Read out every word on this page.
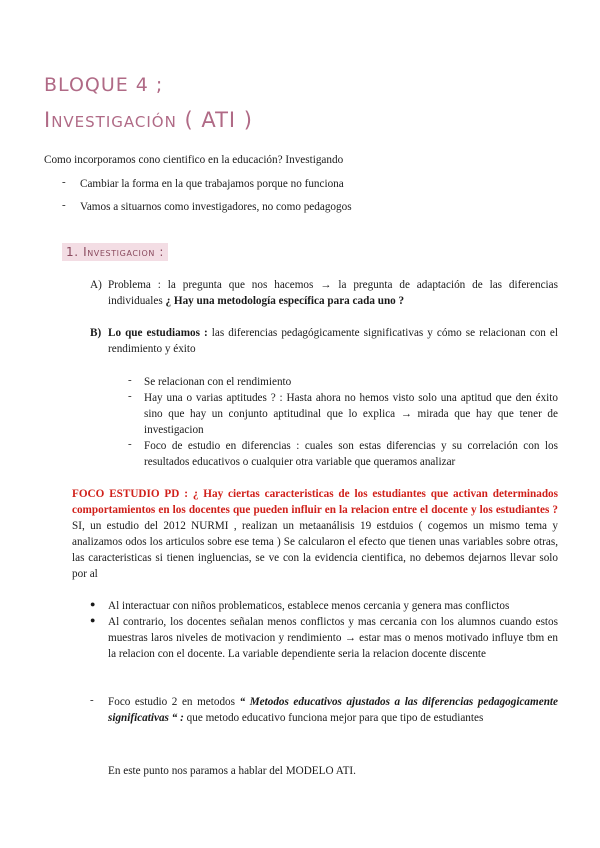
BLOQUE 4 ;
Investigación ( ATI )
Como incorporamos cono cientifico en la educación? Investigando
- Cambiar la forma en la que trabajamos porque no funciona
- Vamos a situarnos como investigadores, no como pedagogos
1. Investigacion :
A) Problema : la pregunta que nos hacemos → la pregunta de adaptación de las diferencias individuales ¿ Hay una metodología específica para cada uno ?
B) Lo que estudiamos : las diferencias pedagógicamente significativas y cómo se relacionan con el rendimiento y éxito
- Se relacionan con el rendimiento
- Hay una o varias aptitudes ? : Hasta ahora no hemos visto solo una aptitud que den éxito sino que hay un conjunto aptitudinal que lo explica → mirada que hay que tener de investigacion
- Foco de estudio en diferencias : cuales son estas diferencias y su correlación con los resultados educativos o cualquier otra variable que queramos analizar
FOCO ESTUDIO PD : ¿ Hay ciertas caracteristicas de los estudiantes que activan determinados comportamientos en los docentes que pueden influir en la relacion entre el docente y los estudiantes ? SI, un estudio del 2012 NURMI , realizan un metaanálisis 19 estduios ( cogemos un mismo tema y analizamos odos los articulos sobre ese tema ) Se calcularon el efecto que tienen unas variables sobre otras, las caracteristicas si tienen ingluencias, se ve con la evidencia cientifica, no debemos dejarnos llevar solo por al
● Al interactuar con niños problematicos, establece menos cercania y genera mas conflictos
● Al contrario, los docentes señalan menos conflictos y mas cercania con los alumnos cuando estos muestras laros niveles de motivacion y rendimiento → estar mas o menos motivado influye tbm en la relacion con el docente. La variable dependiente seria la relacion docente discente
- Foco estudio 2 en metodos “ Metodos educativos ajustados a las diferencias pedagogicamente significativas “ : que metodo educativo funciona mejor para que tipo de estudiantes
En este punto nos paramos a hablar del MODELO ATI.
